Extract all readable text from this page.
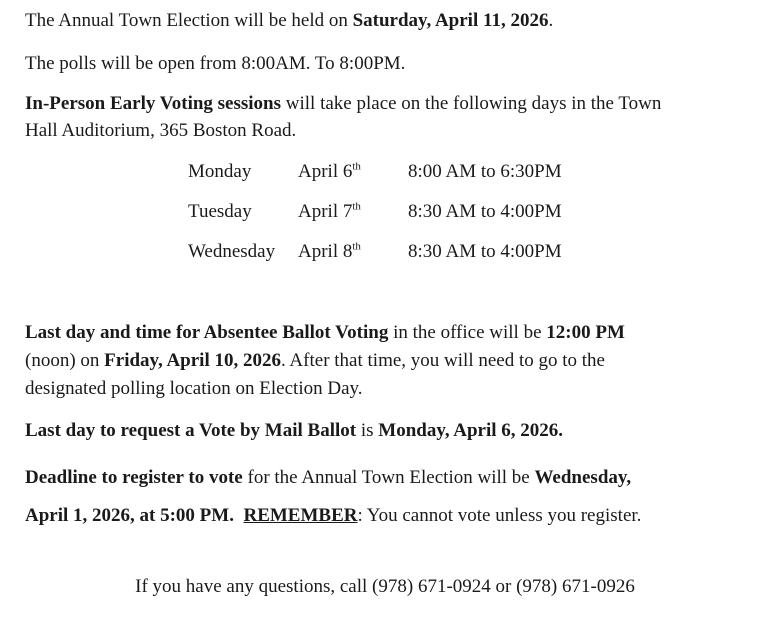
The Annual Town Election will be held on Saturday, April 11, 2026.
The polls will be open from 8:00AM. To 8:00PM.
In-Person Early Voting sessions will take place on the following days in the Town
Hall Auditorium, 365 Boston Road.
Monday April 6th 8:00 AM to 6:30PM
Tuesday April 7th 8:30 AM to 4:00PM
Wednesday April 8th 8:30 AM to 4:00PM
Last day and time for Absentee Ballot Voting in the office will be 12:00 PM
(noon) on Friday, April 10, 2026. After that time, you will need to go to the
designated polling location on Election Day.
Last day to request a Vote by Mail Ballot is Monday, April 6, 2026.
Deadline to register to vote for the Annual Town Election will be Wednesday,
April 1, 2026, at 5:00 PM. REMEMBER: You cannot vote unless you register.
If you have any questions, call (978) 671-0924 or (978) 671-0926
